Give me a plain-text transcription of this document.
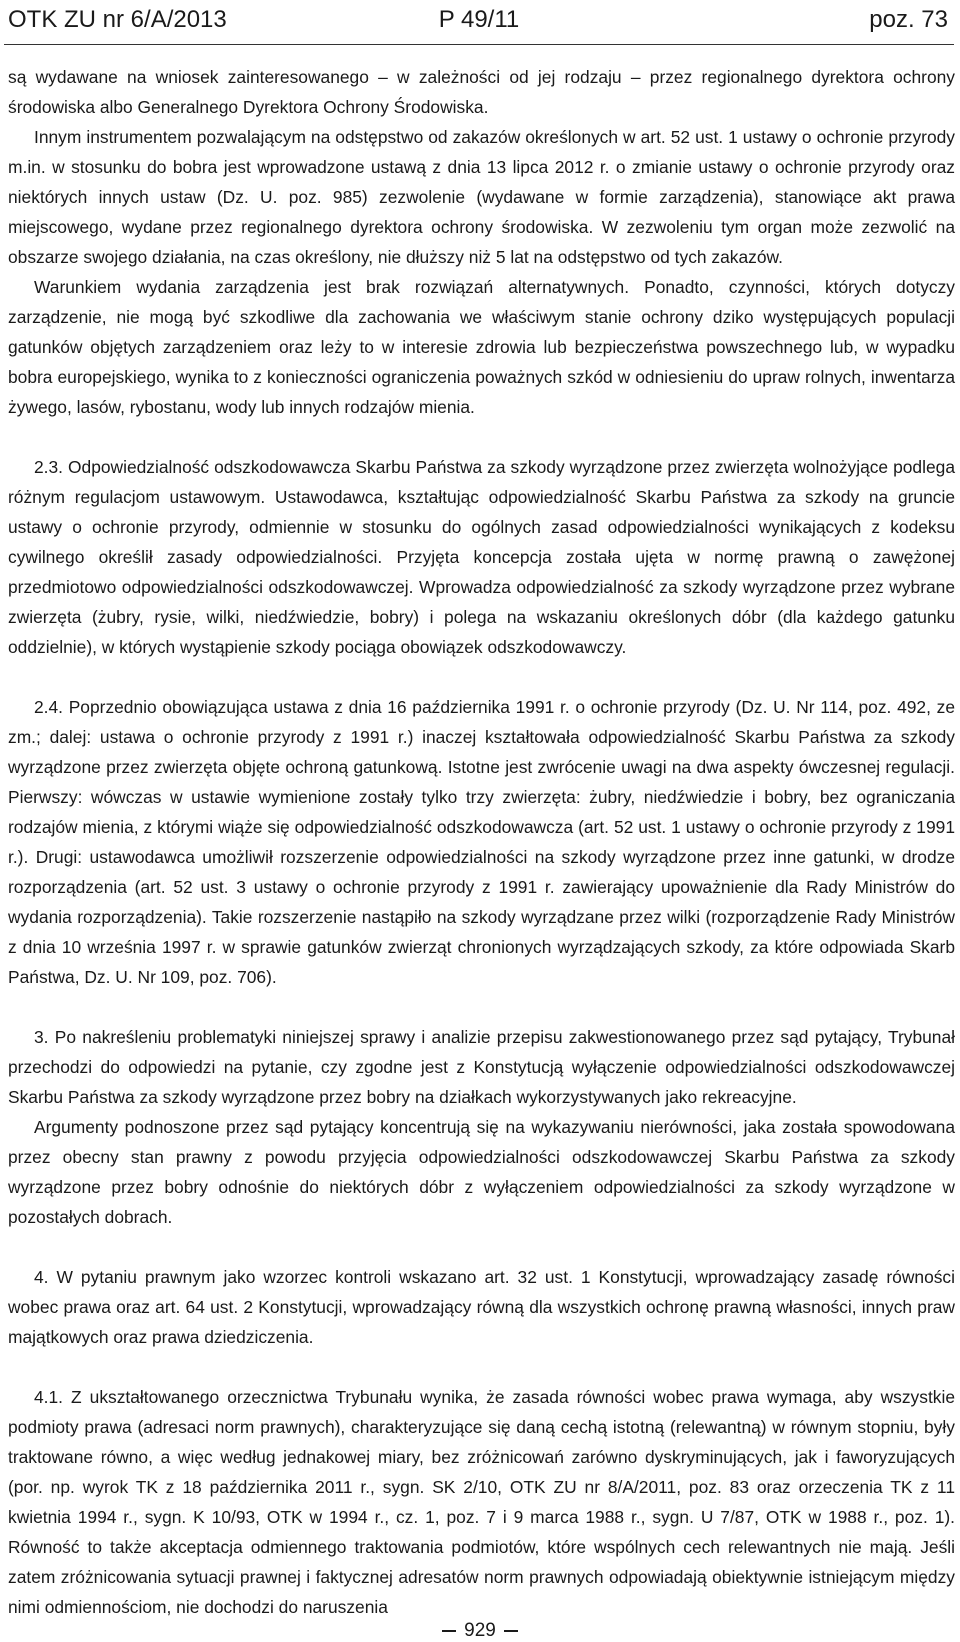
OTK ZU nr 6/A/2013	P 49/11	poz. 73

są wydawane na wniosek zainteresowanego – w zależności od jej rodzaju – przez regionalnego dyrektora ochrony środowiska albo Generalnego Dyrektora Ochrony Środowiska.

Innym instrumentem pozwalającym na odstępstwo od zakazów określonych w art. 52 ust. 1 ustawy o ochronie przyrody m.in. w stosunku do bobra jest wprowadzone ustawą z dnia 13 lipca 2012 r. o zmianie ustawy o ochronie przyrody oraz niektórych innych ustaw (Dz. U. poz. 985) zezwolenie (wydawane w formie zarządzenia), stanowiące akt prawa miejscowego, wydane przez regionalnego dyrektora ochrony środowiska. W zezwoleniu tym organ może zezwolić na obszarze swojego działania, na czas określony, nie dłuższy niż 5 lat na odstępstwo od tych zakazów.

Warunkiem wydania zarządzenia jest brak rozwiązań alternatywnych. Ponadto, czynności, których dotyczy zarządzenie, nie mogą być szkodliwe dla zachowania we właściwym stanie ochrony dziko występujących populacji gatunków objętych zarządzeniem oraz leży to w interesie zdrowia lub bezpieczeństwa powszechnego lub, w wypadku bobra europejskiego, wynika to z konieczności ograniczenia poważnych szkód w odniesieniu do upraw rolnych, inwentarza żywego, lasów, rybostanu, wody lub innych rodzajów mienia.

2.3. Odpowiedzialność odszkodowawcza Skarbu Państwa za szkody wyrządzone przez zwierzęta wolnożyjące podlega różnym regulacjom ustawowym. Ustawodawca, kształtując odpowiedzialność Skarbu Państwa za szkody na gruncie ustawy o ochronie przyrody, odmiennie w stosunku do ogólnych zasad odpowiedzialności wynikających z kodeksu cywilnego określił zasady odpowiedzialności. Przyjęta koncepcja została ujęta w normę prawną o zawężonej przedmiotowo odpowiedzialności odszkodowawczej. Wprowadza odpowiedzialność za szkody wyrządzone przez wybrane zwierzęta (żubry, rysie, wilki, niedźwiedzie, bobry) i polega na wskazaniu określonych dóbr (dla każdego gatunku oddzielnie), w których wystąpienie szkody pociąga obowiązek odszkodowawczy.

2.4. Poprzednio obowiązująca ustawa z dnia 16 października 1991 r. o ochronie przyrody (Dz. U. Nr 114, poz. 492, ze zm.; dalej: ustawa o ochronie przyrody z 1991 r.) inaczej kształtowała odpowiedzialność Skarbu Państwa za szkody wyrządzone przez zwierzęta objęte ochroną gatunkową. Istotne jest zwrócenie uwagi na dwa aspekty ówczesnej regulacji. Pierwszy: wówczas w ustawie wymienione zostały tylko trzy zwierzęta: żubry, niedźwiedzie i bobry, bez ograniczania rodzajów mienia, z którymi wiąże się odpowiedzialność odszkodowawcza (art. 52 ust. 1 ustawy o ochronie przyrody z 1991 r.). Drugi: ustawodawca umożliwił rozszerzenie odpowiedzialności na szkody wyrządzone przez inne gatunki, w drodze rozporządzenia (art. 52 ust. 3 ustawy o ochronie przyrody z 1991 r. zawierający upoważnienie dla Rady Ministrów do wydania rozporządzenia). Takie rozszerzenie nastąpiło na szkody wyrządzane przez wilki (rozporządzenie Rady Ministrów z dnia 10 września 1997 r. w sprawie gatunków zwierząt chronionych wyrządzających szkody, za które odpowiada Skarb Państwa, Dz. U. Nr 109, poz. 706).

3. Po nakreśleniu problematyki niniejszej sprawy i analizie przepisu zakwestionowanego przez sąd pytający, Trybunał przechodzi do odpowiedzi na pytanie, czy zgodne jest z Konstytucją wyłączenie odpowiedzialności odszkodowawczej Skarbu Państwa za szkody wyrządzone przez bobry na działkach wykorzystywanych jako rekreacyjne.

Argumenty podnoszone przez sąd pytający koncentrują się na wykazywaniu nierówności, jaka została spowodowana przez obecny stan prawny z powodu przyjęcia odpowiedzialności odszkodowawczej Skarbu Państwa za szkody wyrządzone przez bobry odnośnie do niektórych dóbr z wyłączeniem odpowiedzialności za szkody wyrządzone w pozostałych dobrach.

4. W pytaniu prawnym jako wzorzec kontroli wskazano art. 32 ust. 1 Konstytucji, wprowadzający zasadę równości wobec prawa oraz art. 64 ust. 2 Konstytucji, wprowadzający równą dla wszystkich ochronę prawną własności, innych praw majątkowych oraz prawa dziedziczenia.

4.1. Z ukształtowanego orzecznictwa Trybunału wynika, że zasada równości wobec prawa wymaga, aby wszystkie podmioty prawa (adresaci norm prawnych), charakteryzujące się daną cechą istotną (relewantną) w równym stopniu, były traktowane równo, a więc według jednakowej miary, bez zróżnicowań zarówno dyskryminujących, jak i faworyzujących (por. np. wyrok TK z 18 października 2011 r., sygn. SK 2/10, OTK ZU nr 8/A/2011, poz. 83 oraz orzeczenia TK z 11 kwietnia 1994 r., sygn. K 10/93, OTK w 1994 r., cz. 1, poz. 7 i 9 marca 1988 r., sygn. U 7/87, OTK w 1988 r., poz. 1). Równość to także akceptacja odmiennego traktowania podmiotów, które wspólnych cech relewantnych nie mają. Jeśli zatem zróżnicowania sytuacji prawnej i faktycznej adresatów norm prawnych odpowiadają obiektywnie istniejącym między nimi odmiennościom, nie dochodzi do naruszenia

929
